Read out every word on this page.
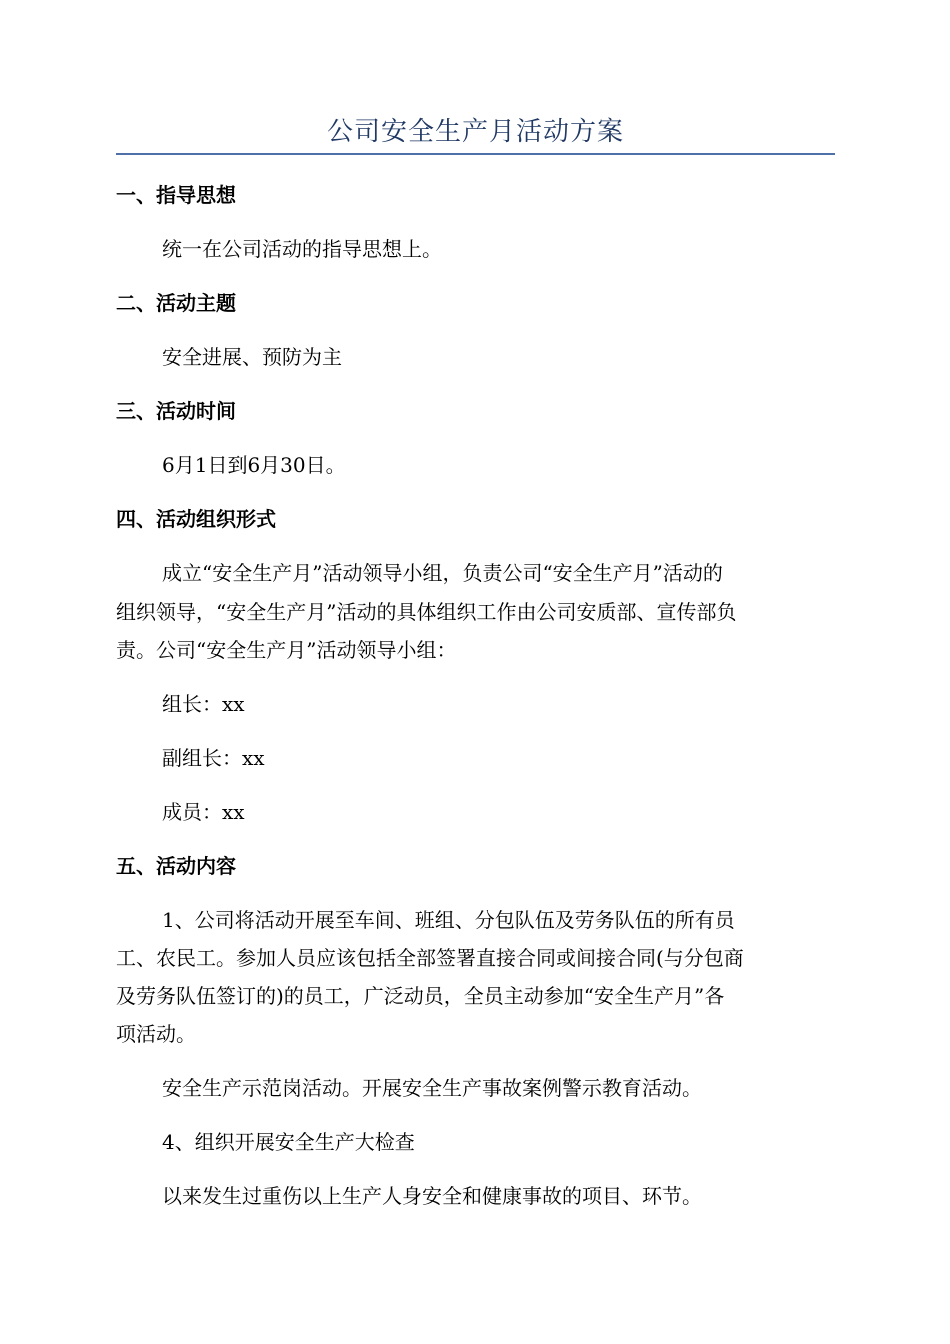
公司安全生产月活动方案
一、指导思想
统一在公司活动的指导思想上。
二、活动主题
安全进展、预防为主
三、活动时间
6月1日到6月30日。
四、活动组织形式
成立“安全生产月”活动领导小组，负责公司“安全生产月”活动的
组织领导，“安全生产月”活动的具体组织工作由公司安质部、宣传部负
责。公司“安全生产月”活动领导小组：
组长：xx
副组长：xx
成员：xx
五、活动内容
1、公司将活动开展至车间、班组、分包队伍及劳务队伍的所有员
工、农民工。参加人员应该包括全部签署直接合同或间接合同(与分包商
及劳务队伍签订的)的员工，广泛动员，全员主动参加“安全生产月”各
项活动。
安全生产示范岗活动。开展安全生产事故案例警示教育活动。
4、组织开展安全生产大检查
以来发生过重伤以上生产人身安全和健康事故的项目、环节。
